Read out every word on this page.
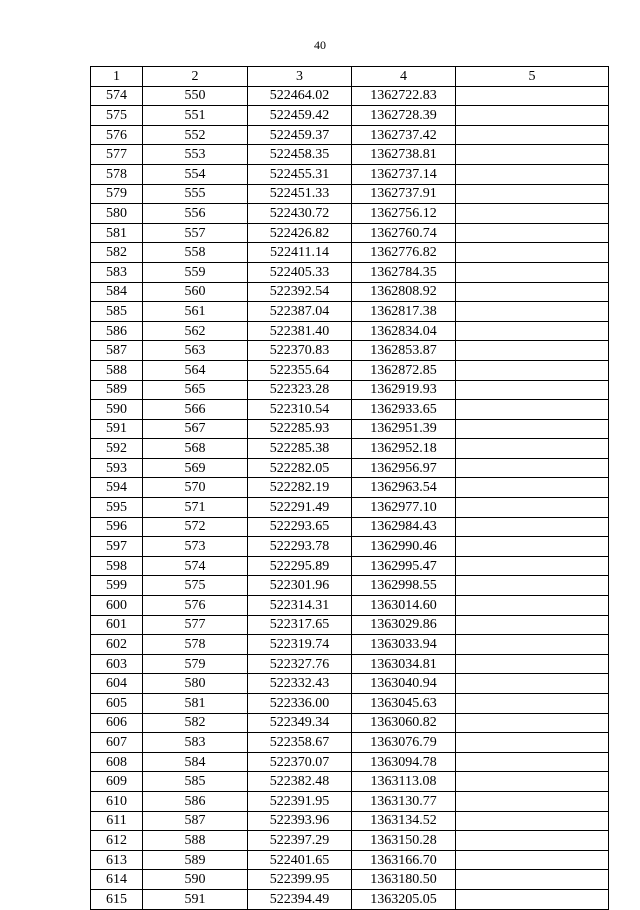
40
1	2	3	4	5
574	550	522464.02	1362722.83	
575	551	522459.42	1362728.39	
576	552	522459.37	1362737.42	
577	553	522458.35	1362738.81	
578	554	522455.31	1362737.14	
579	555	522451.33	1362737.91	
580	556	522430.72	1362756.12	
581	557	522426.82	1362760.74	
582	558	522411.14	1362776.82	
583	559	522405.33	1362784.35	
584	560	522392.54	1362808.92	
585	561	522387.04	1362817.38	
586	562	522381.40	1362834.04	
587	563	522370.83	1362853.87	
588	564	522355.64	1362872.85	
589	565	522323.28	1362919.93	
590	566	522310.54	1362933.65	
591	567	522285.93	1362951.39	
592	568	522285.38	1362952.18	
593	569	522282.05	1362956.97	
594	570	522282.19	1362963.54	
595	571	522291.49	1362977.10	
596	572	522293.65	1362984.43	
597	573	522293.78	1362990.46	
598	574	522295.89	1362995.47	
599	575	522301.96	1362998.55	
600	576	522314.31	1363014.60	
601	577	522317.65	1363029.86	
602	578	522319.74	1363033.94	
603	579	522327.76	1363034.81	
604	580	522332.43	1363040.94	
605	581	522336.00	1363045.63	
606	582	522349.34	1363060.82	
607	583	522358.67	1363076.79	
608	584	522370.07	1363094.78	
609	585	522382.48	1363113.08	
610	586	522391.95	1363130.77	
611	587	522393.96	1363134.52	
612	588	522397.29	1363150.28	
613	589	522401.65	1363166.70	
614	590	522399.95	1363180.50	
615	591	522394.49	1363205.05	
